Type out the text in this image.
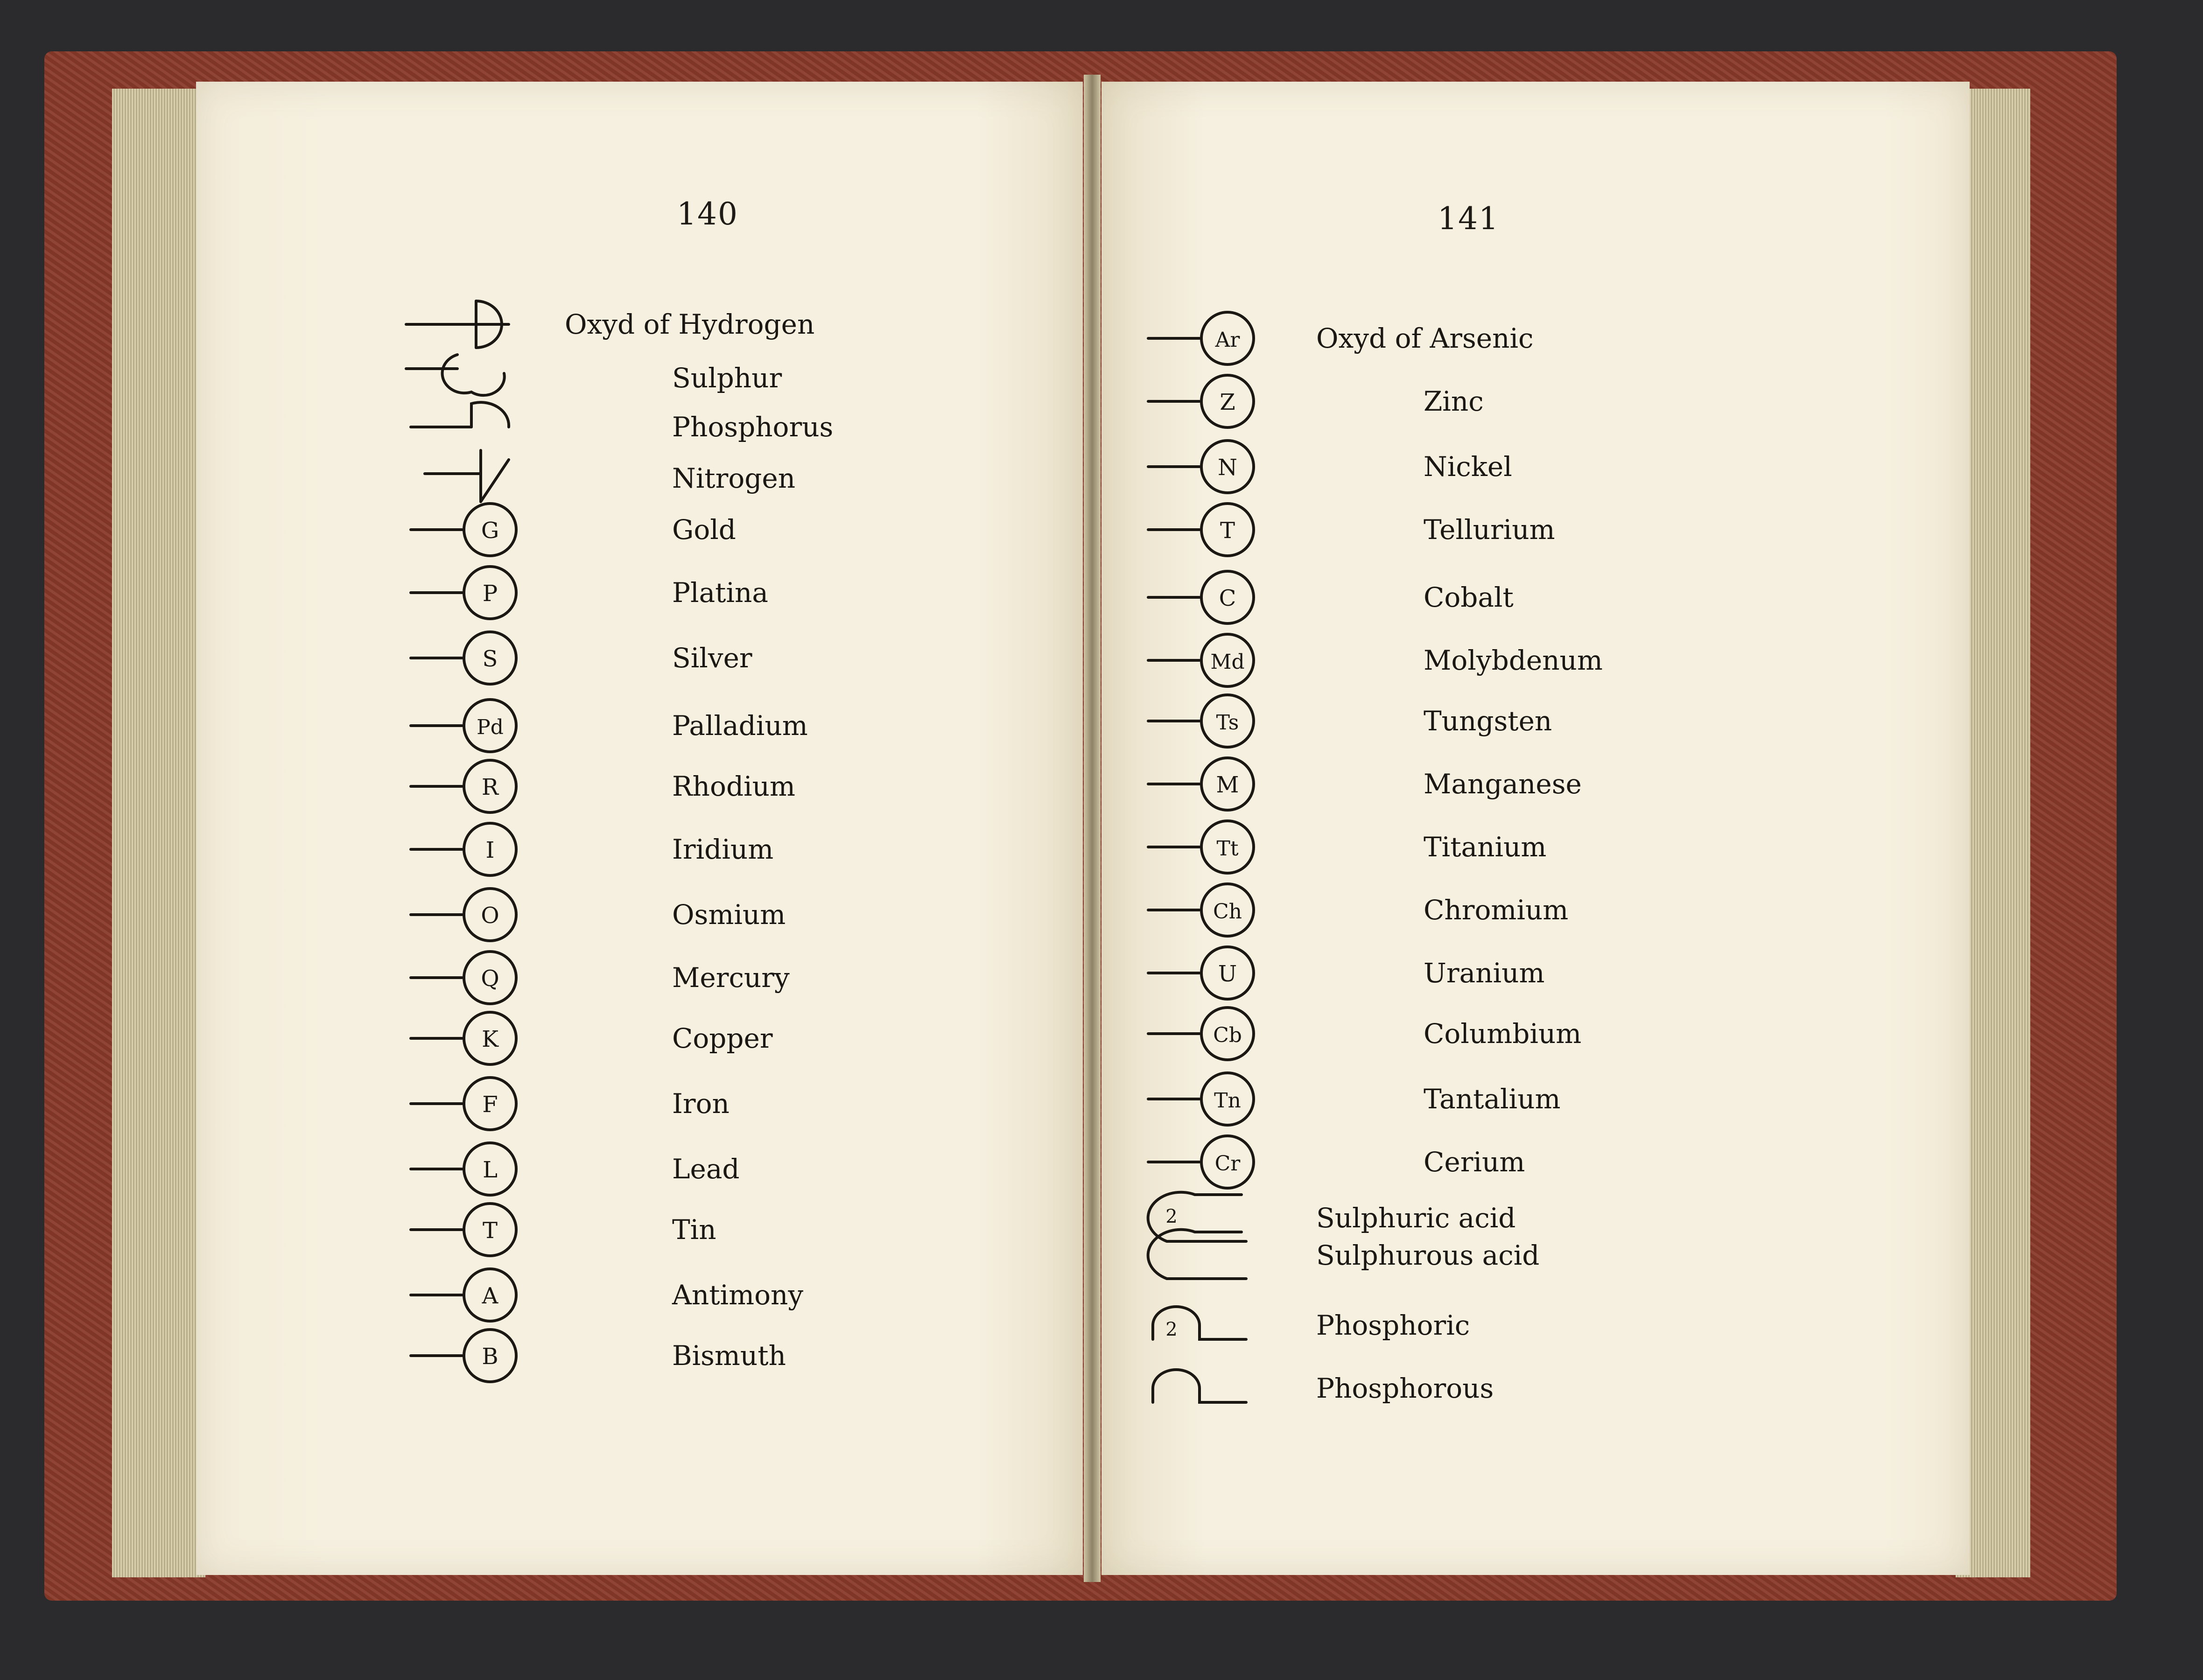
140
Oxyd of Hydrogen
Sulphur
Phosphorus
Nitrogen
G	Gold
P	Platina
S	Silver
Pd	Palladium
R	Rhodium
I	Iridium
O	Osmium
Q	Mercury
K	Copper
F	Iron
L	Lead
T	Tin
A	Antimony
B	Bismuth
141
Ar	Oxyd of Arsenic
Z	Zinc
N	Nickel
T	Tellurium
C	Cobalt
Md	Molybdenum
Ts	Tungsten
M	Manganese
Tt	Titanium
Ch	Chromium
U	Uranium
Cb	Columbium
Tn	Tantalium
Cr	Cerium
2	Sulphuric acid
Sulphurous acid
2	Phosphoric
Phosphorous
